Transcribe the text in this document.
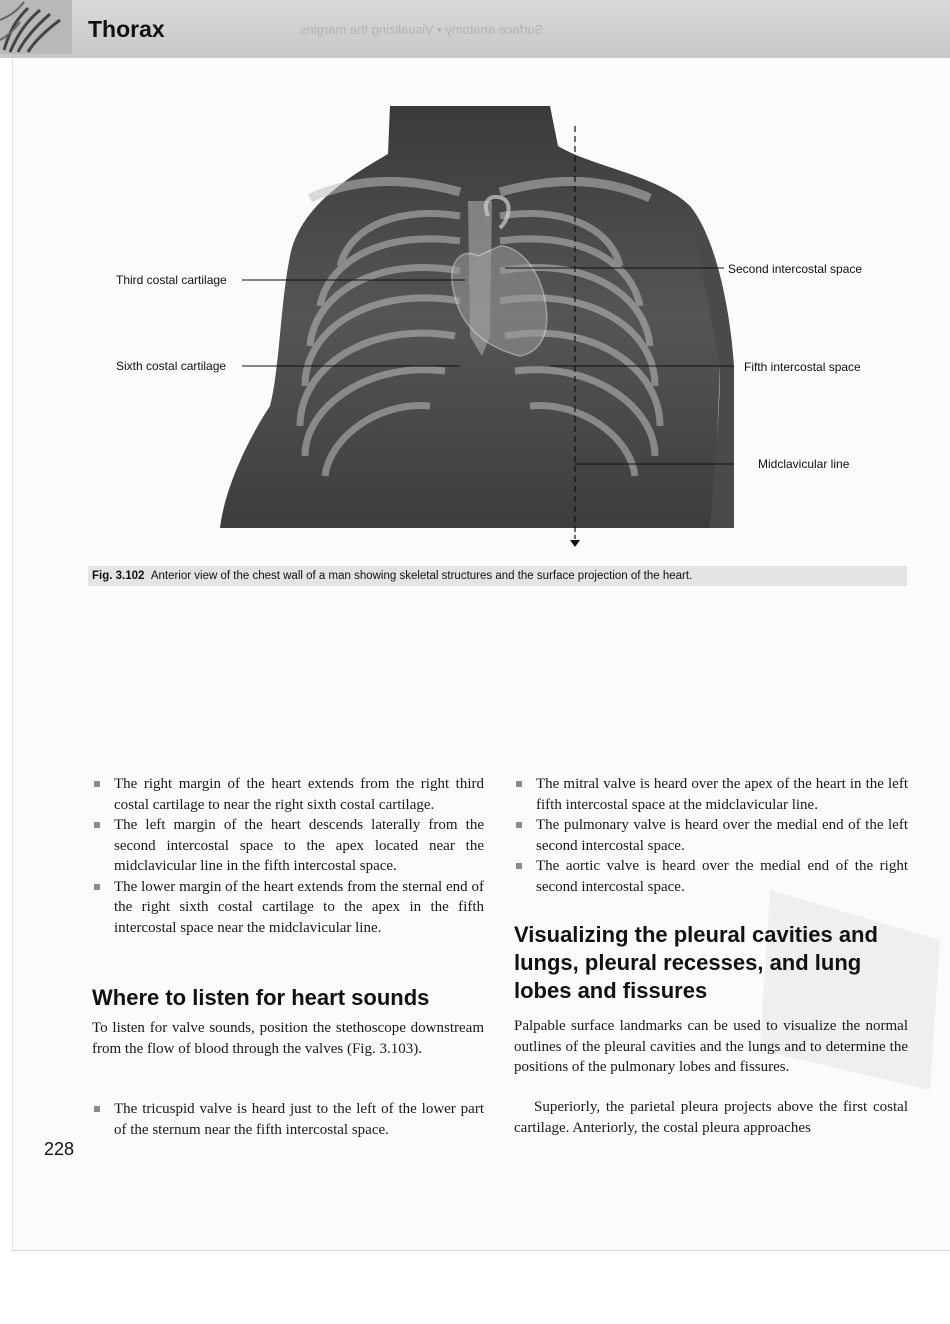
Thorax	Surface anatomy • Visualizing the margins
Third costal cartilage
Sixth costal cartilage
Second intercostal space
Fifth intercostal space
Midclavicular line
Fig. 3.102 Anterior view of the chest wall of a man showing skeletal structures and the surface projection of the heart.
The right margin of the heart extends from the right third costal cartilage to near the right sixth costal cartilage.
The left margin of the heart descends laterally from the second intercostal space to the apex located near the midclavicular line in the fifth intercostal space.
The lower margin of the heart extends from the sternal end of the right sixth costal cartilage to the apex in the fifth intercostal space near the midclavicular line.
Where to listen for heart sounds
To listen for valve sounds, position the stethoscope downstream from the flow of blood through the valves (Fig. 3.103).
The tricuspid valve is heard just to the left of the lower part of the sternum near the fifth intercostal space.
The mitral valve is heard over the apex of the heart in the left fifth intercostal space at the midclavicular line.
The pulmonary valve is heard over the medial end of the left second intercostal space.
The aortic valve is heard over the medial end of the right second intercostal space.
Visualizing the pleural cavities and lungs, pleural recesses, and lung lobes and fissures
Palpable surface landmarks can be used to visualize the normal outlines of the pleural cavities and the lungs and to determine the positions of the pulmonary lobes and fissures.
Superiorly, the parietal pleura projects above the first costal cartilage. Anteriorly, the costal pleura approaches
228
